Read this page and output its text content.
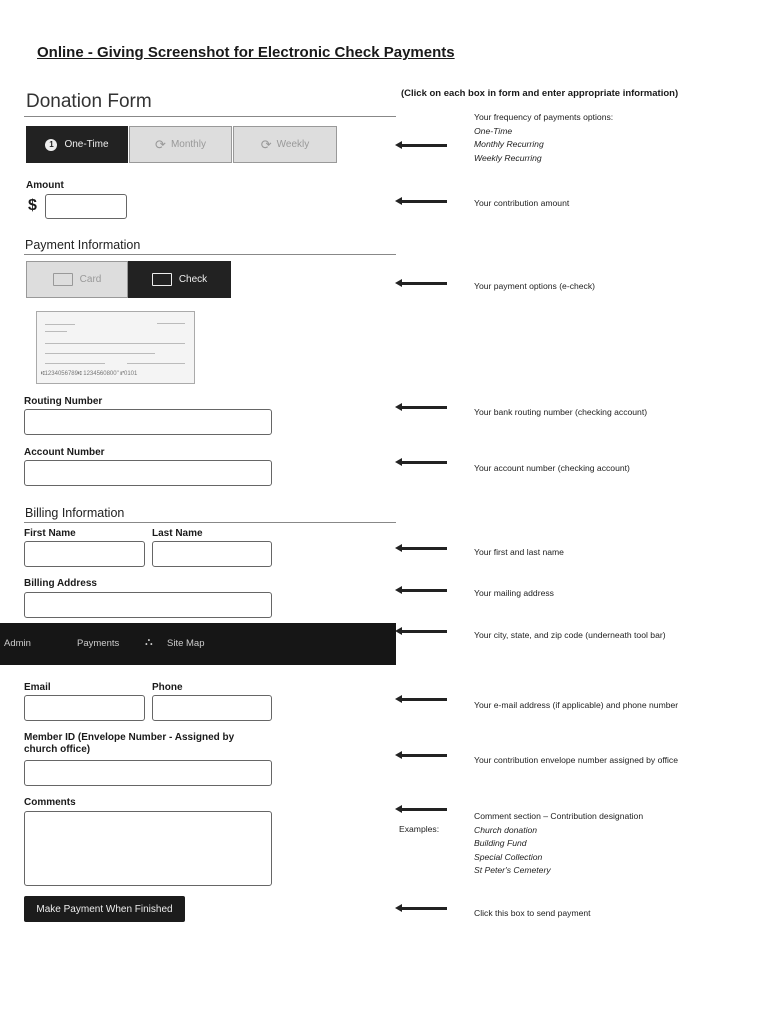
Online - Giving Screenshot for Electronic Check Payments
Donation Form	(Click on each box in form and enter appropriate information)
1	One-Time	⟳ Monthly	⟳ Weekly
Amount
$
Payment Information
Card	Check
⑆1234056789⑆ 1234560800" ⑈0101
Routing Number
Account Number
Billing Information
First Name	Last Name
Billing Address
Admin	Payments ⛬ Site Map
Email	Phone
Member ID (Envelope Number - Assigned by church office)
Comments
Make Payment When Finished
Your frequency of payments options:
One-Time
Monthly Recurring
Weekly Recurring
Your contribution amount
Your payment options (e-check)
Your bank routing number (checking account)
Your account number (checking account)
Your first and last name
Your mailing address
Your city, state, and zip code (underneath tool bar)
Your e-mail address (if applicable) and phone number
Your contribution envelope number assigned by office
Examples:
Comment section – Contribution designation
Church donation
Building Fund
Special Collection
St Peter's Cemetery
Click this box to send payment
